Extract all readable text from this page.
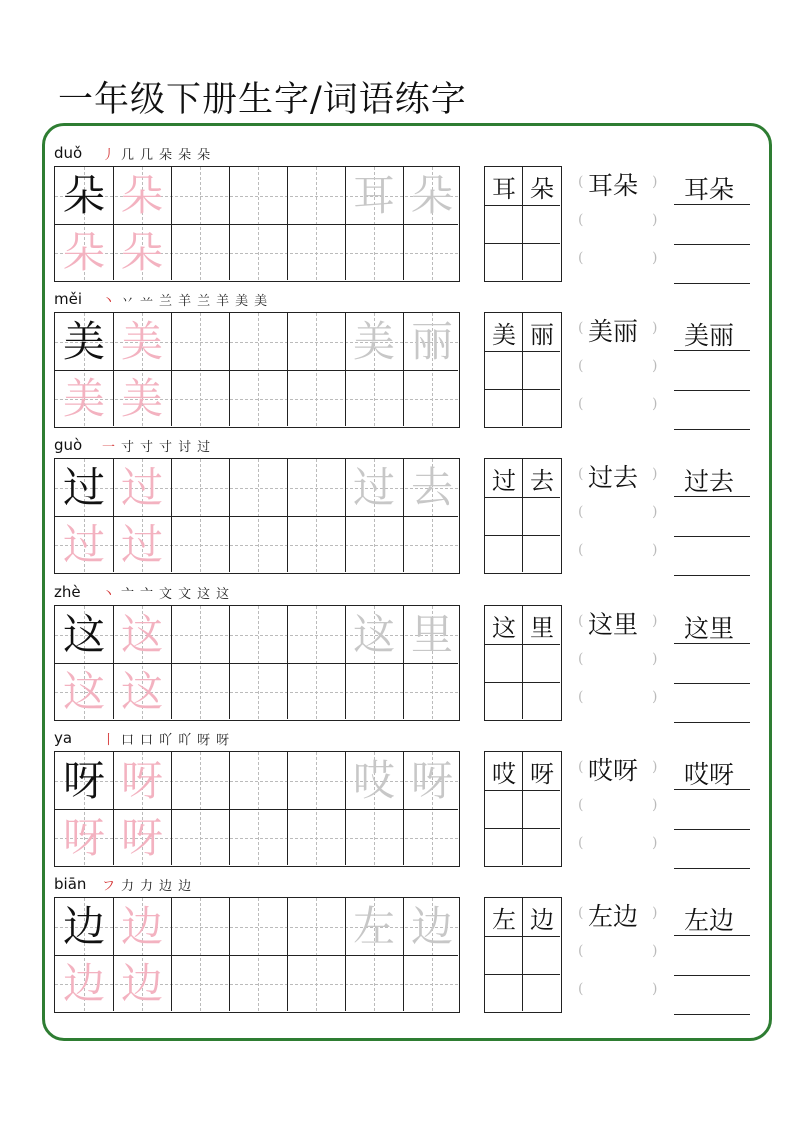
一年级下册生字/词语练字
duǒ 丿 几 几 朵 朵 朵
朵 朵
朵 朵
耳 朵	耳 朵	(	)
(	)
(	)
耳朵 耳朵
měi 丶 丷 䒑 兰 羊 兰 羊 美 美
美 美
美 美
美 丽	美 丽	(	)
(	)
(	)
美丽 美丽
guò 一 寸 寸 寸 讨 过
过 过
过 过
过 去	过 去	(	)
(	)
(	)
过去 过去
zhè 丶 亠 亠 文 文 这 这
这 这
这 这
这 里	这 里	(	)
(	)
(	)
这里 这里
ya 丨 口 口 吖 吖 呀 呀
呀 呀
呀 呀
哎 呀	哎 呀	(	)
(	)
(	)
哎呀 哎呀
biān フ 力 力 边 边
边 边
边 边
左 边	左 边	(	)
(	)
(	)
左边 左边
